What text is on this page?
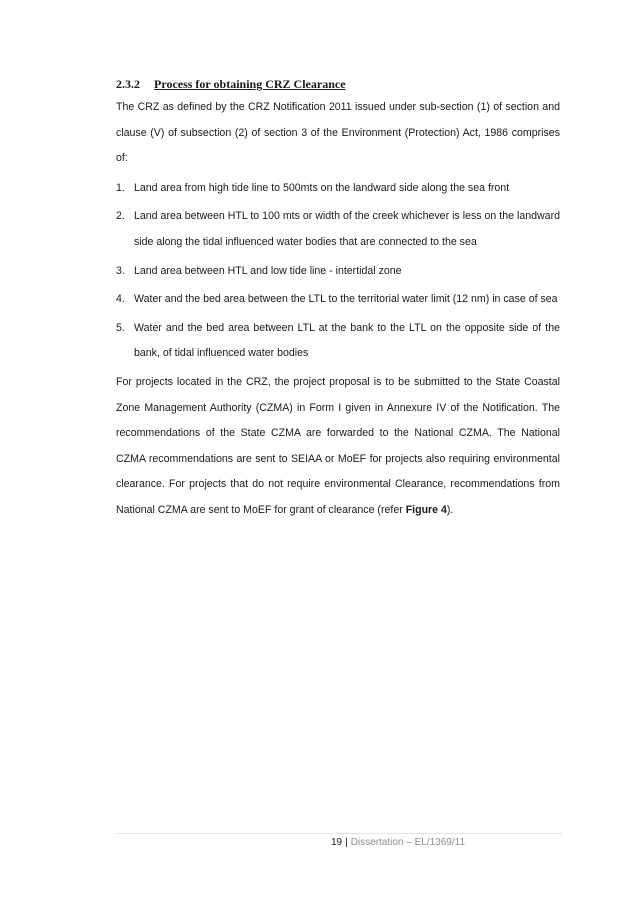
2.3.2 Process for obtaining CRZ Clearance

The CRZ as defined by the CRZ Notification 2011 issued under sub-section (1) of section and clause (V) of subsection (2) of section 3 of the Environment (Protection) Act, 1986 comprises of:

1. Land area from high tide line to 500mts on the landward side along the sea front
2. Land area between HTL to 100 mts or width of the creek whichever is less on the landward side along the tidal influenced water bodies that are connected to the sea
3. Land area between HTL and low tide line - intertidal zone
4. Water and the bed area between the LTL to the territorial water limit (12 nm) in case of sea
5. Water and the bed area between LTL at the bank to the LTL on the opposite side of the bank, of tidal influenced water bodies

For projects located in the CRZ, the project proposal is to be submitted to the State Coastal Zone Management Authority (CZMA) in Form I given in Annexure IV of the Notification. The recommendations of the State CZMA are forwarded to the National CZMA. The National CZMA recommendations are sent to SEIAA or MoEF for projects also requiring environmental clearance. For projects that do not require environmental Clearance, recommendations from National CZMA are sent to MoEF for grant of clearance (refer Figure 4).

19 | Dissertation – EL/1369/11
